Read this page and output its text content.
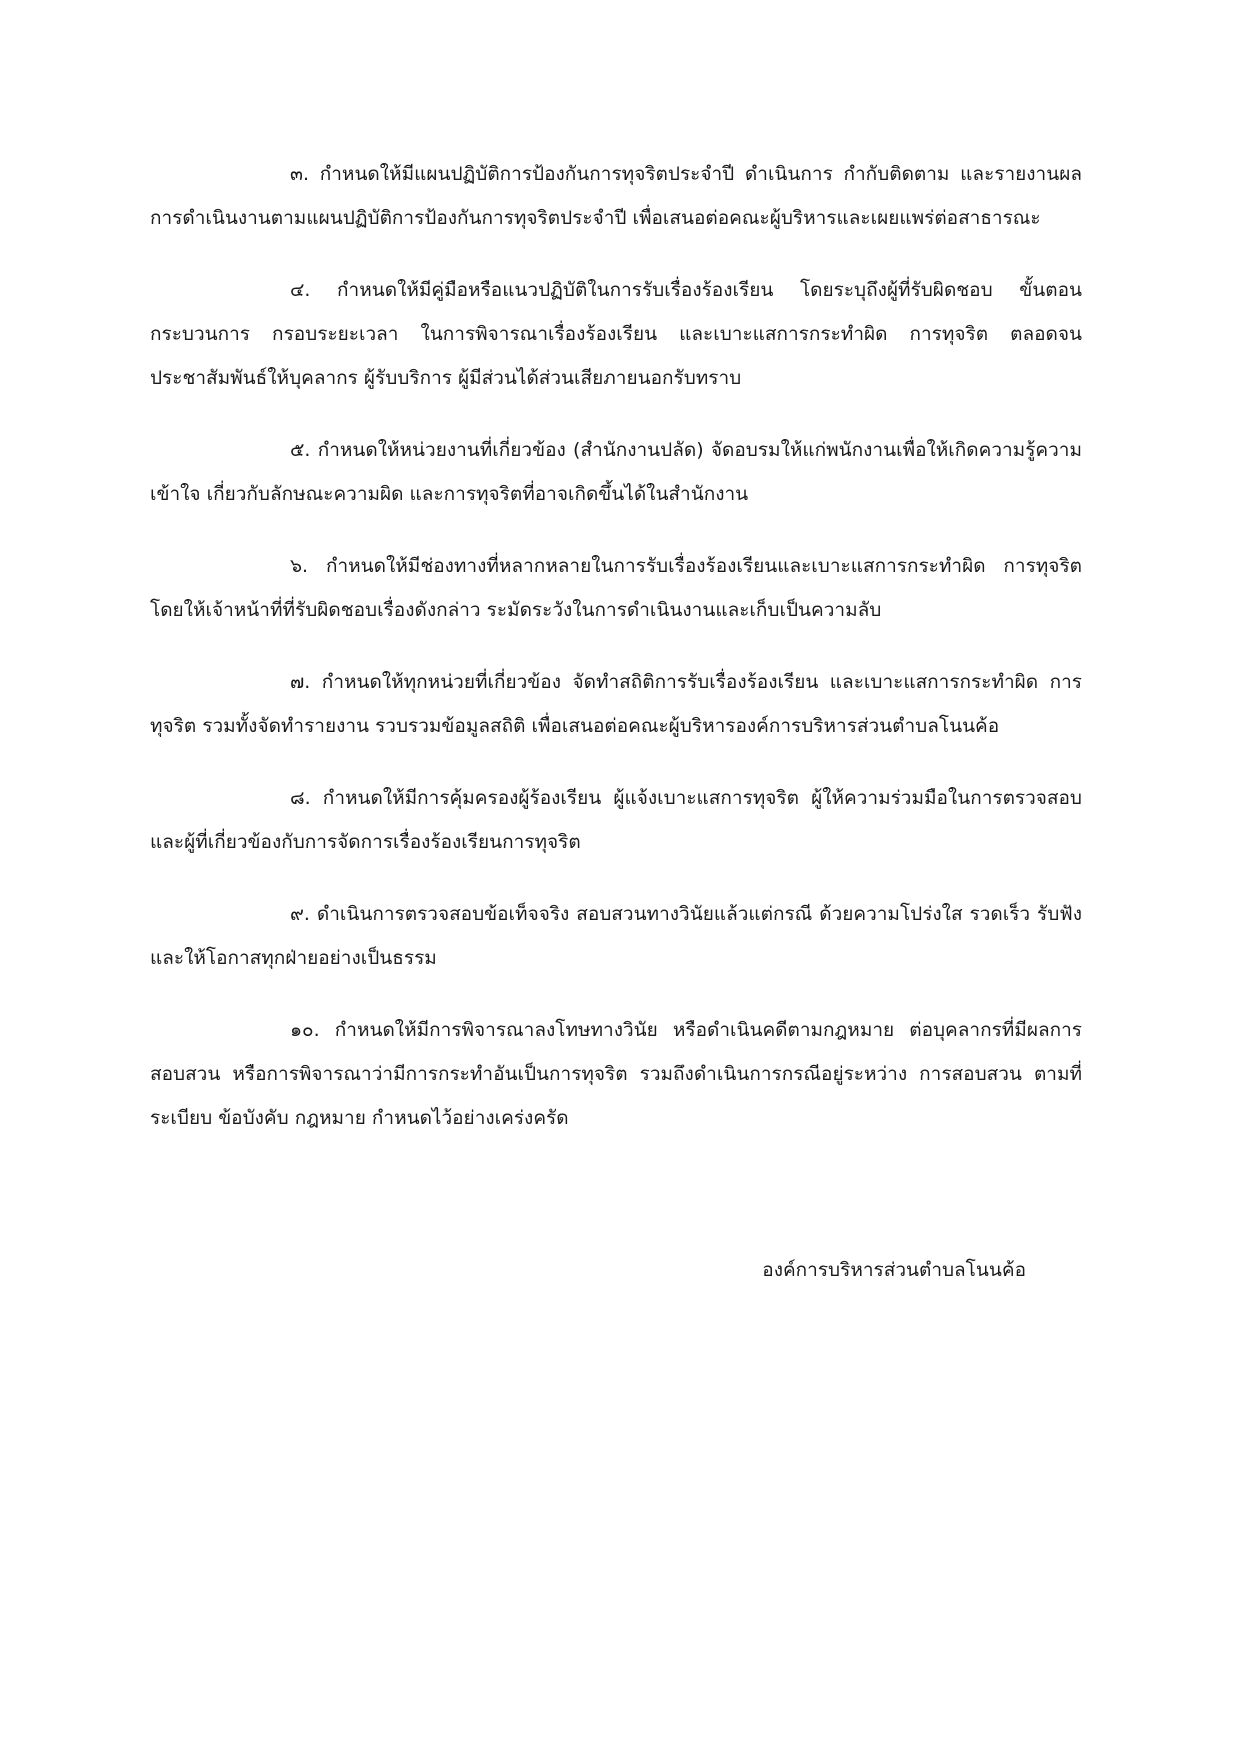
๓. กำหนดให้มีแผนปฏิบัติการป้องกันการทุจริตประจำปี ดำเนินการ กำกับติดตาม และรายงานผล การดำเนินงานตามแผนปฏิบัติการป้องกันการทุจริตประจำปี เพื่อเสนอต่อคณะผู้บริหารและเผยแพร่ต่อสาธารณะ

๔. กำหนดให้มีคู่มือหรือแนวปฏิบัติในการรับเรื่องร้องเรียน โดยระบุถึงผู้ที่รับผิดชอบ ขั้นตอนกระบวนการ กรอบระยะเวลา ในการพิจารณาเรื่องร้องเรียน และเบาะแสการกระทำผิด การทุจริต ตลอดจนประชาสัมพันธ์ให้บุคลากร ผู้รับบริการ ผู้มีส่วนได้ส่วนเสียภายนอกรับทราบ

๕. กำหนดให้หน่วยงานที่เกี่ยวข้อง (สำนักงานปลัด) จัดอบรมให้แก่พนักงานเพื่อให้เกิดความรู้ความเข้าใจ เกี่ยวกับลักษณะความผิด และการทุจริตที่อาจเกิดขึ้นได้ในสำนักงาน

๖. กำหนดให้มีช่องทางที่หลากหลายในการรับเรื่องร้องเรียนและเบาะแสการกระทำผิด การทุจริต โดยให้เจ้าหน้าที่ที่รับผิดชอบเรื่องดังกล่าว ระมัดระวังในการดำเนินงานและเก็บเป็นความลับ

๗. กำหนดให้ทุกหน่วยที่เกี่ยวข้อง จัดทำสถิติการรับเรื่องร้องเรียน และเบาะแสการกระทำผิด การทุจริต รวมทั้งจัดทำรายงาน รวบรวมข้อมูลสถิติ เพื่อเสนอต่อคณะผู้บริหารองค์การบริหารส่วนตำบลโนนค้อ

๘. กำหนดให้มีการคุ้มครองผู้ร้องเรียน ผู้แจ้งเบาะแสการทุจริต ผู้ให้ความร่วมมือในการตรวจสอบ และผู้ที่เกี่ยวข้องกับการจัดการเรื่องร้องเรียนการทุจริต

๙. ดำเนินการตรวจสอบข้อเท็จจริง สอบสวนทางวินัยแล้วแต่กรณี ด้วยความโปร่งใส รวดเร็ว รับฟัง และให้โอกาสทุกฝ่ายอย่างเป็นธรรม

๑๐. กำหนดให้มีการพิจารณาลงโทษทางวินัย หรือดำเนินคดีตามกฎหมาย ต่อบุคลากรที่มีผลการสอบสวน หรือการพิจารณาว่ามีการกระทำอันเป็นการทุจริต รวมถึงดำเนินการกรณีอยู่ระหว่าง การสอบสวน ตามที่ระเบียบ ข้อบังคับ กฎหมาย กำหนดไว้อย่างเคร่งครัด

องค์การบริหารส่วนตำบลโนนค้อ
